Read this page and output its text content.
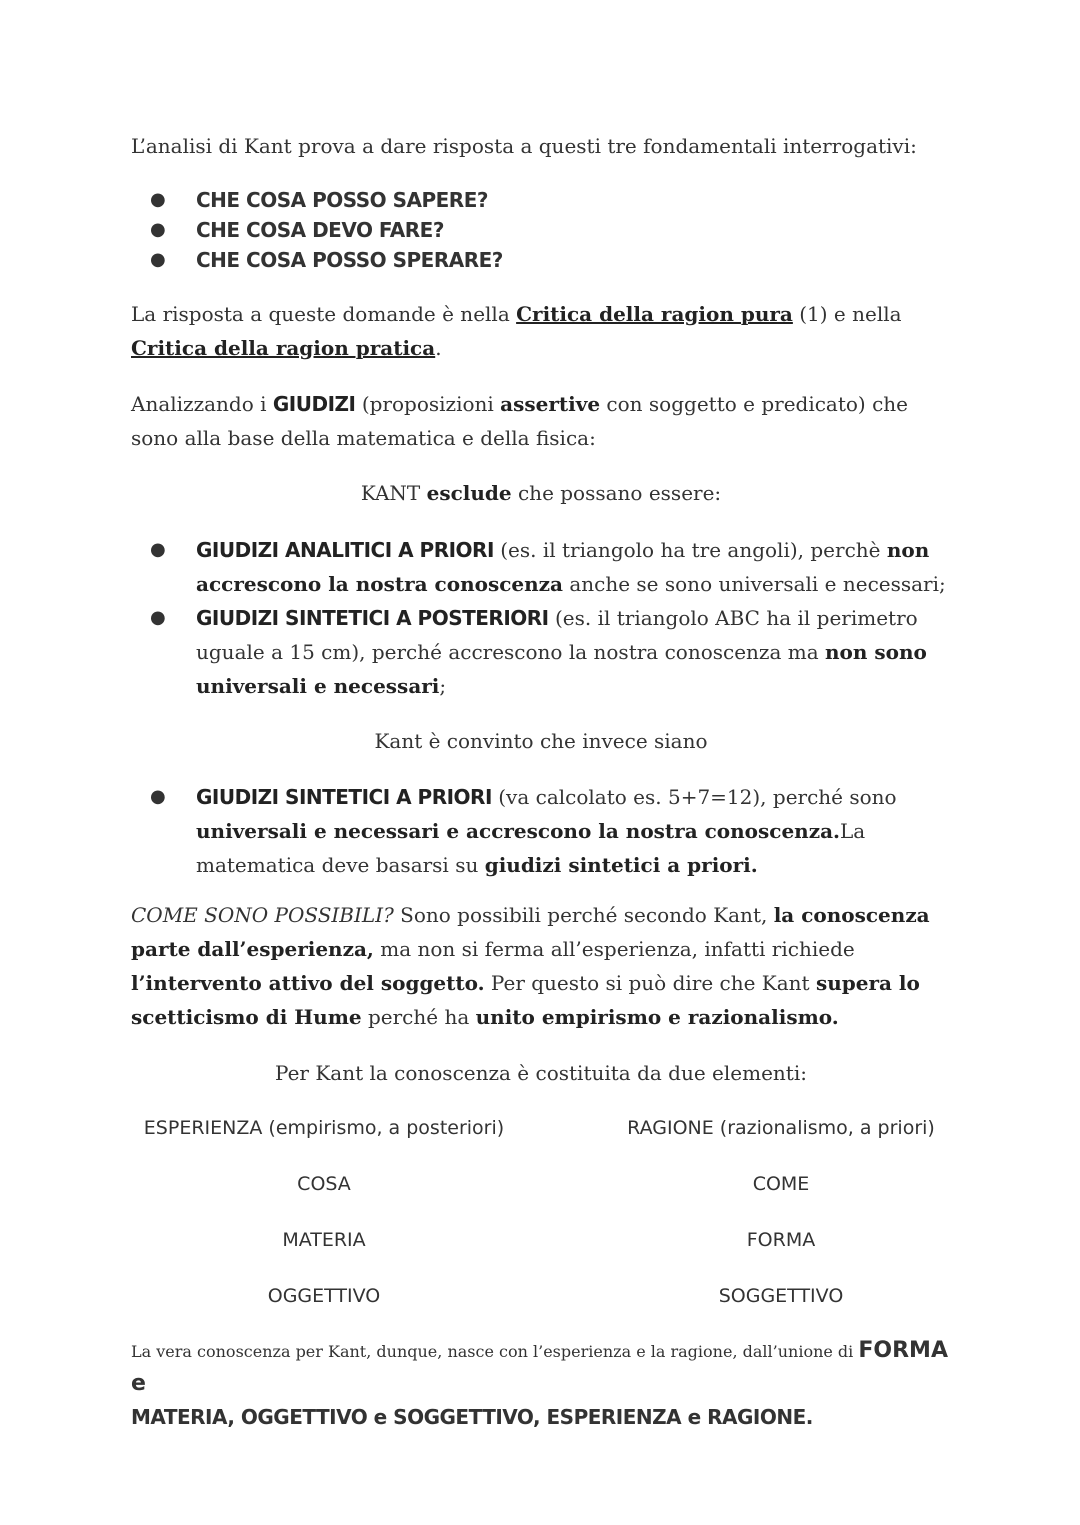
L’analisi di Kant prova a dare risposta a questi tre fondamentali interrogativi:
● CHE COSA POSSO SAPERE?
● CHE COSA DEVO FARE?
● CHE COSA POSSO SPERARE?
La risposta a queste domande è nella Critica della ragion pura (1) e nella Critica della ragion pratica.
Analizzando i GIUDIZI (proposizioni assertive con soggetto e predicato) che sono alla base della matematica e della fisica:
KANT esclude che possano essere:
● GIUDIZI ANALITICI A PRIORI (es. il triangolo ha tre angoli), perchè non accrescono la nostra conoscenza anche se sono universali e necessari;
● GIUDIZI SINTETICI A POSTERIORI (es. il triangolo ABC ha il perimetro uguale a 15 cm), perché accrescono la nostra conoscenza ma non sono universali e necessari;
Kant è convinto che invece siano
● GIUDIZI SINTETICI A PRIORI (va calcolato es. 5+7=12), perché sono universali e necessari e accrescono la nostra conoscenza.La matematica deve basarsi su giudizi sintetici a priori.
COME SONO POSSIBILI? Sono possibili perché secondo Kant, la conoscenza parte dall’esperienza, ma non si ferma all’esperienza, infatti richiede l’intervento attivo del soggetto. Per questo si può dire che Kant supera lo scetticismo di Hume perché ha unito empirismo e razionalismo.
Per Kant la conoscenza è costituita da due elementi:
ESPERIENZA (empirismo, a posteriori)
COSA
MATERIA
OGGETTIVO
RAGIONE (razionalismo, a priori)
COME
FORMA
SOGGETTIVO
La vera conoscenza per Kant, dunque, nasce con l’esperienza e la ragione, dall’unione di FORMA e
MATERIA, OGGETTIVO e SOGGETTIVO, ESPERIENZA e RAGIONE.
